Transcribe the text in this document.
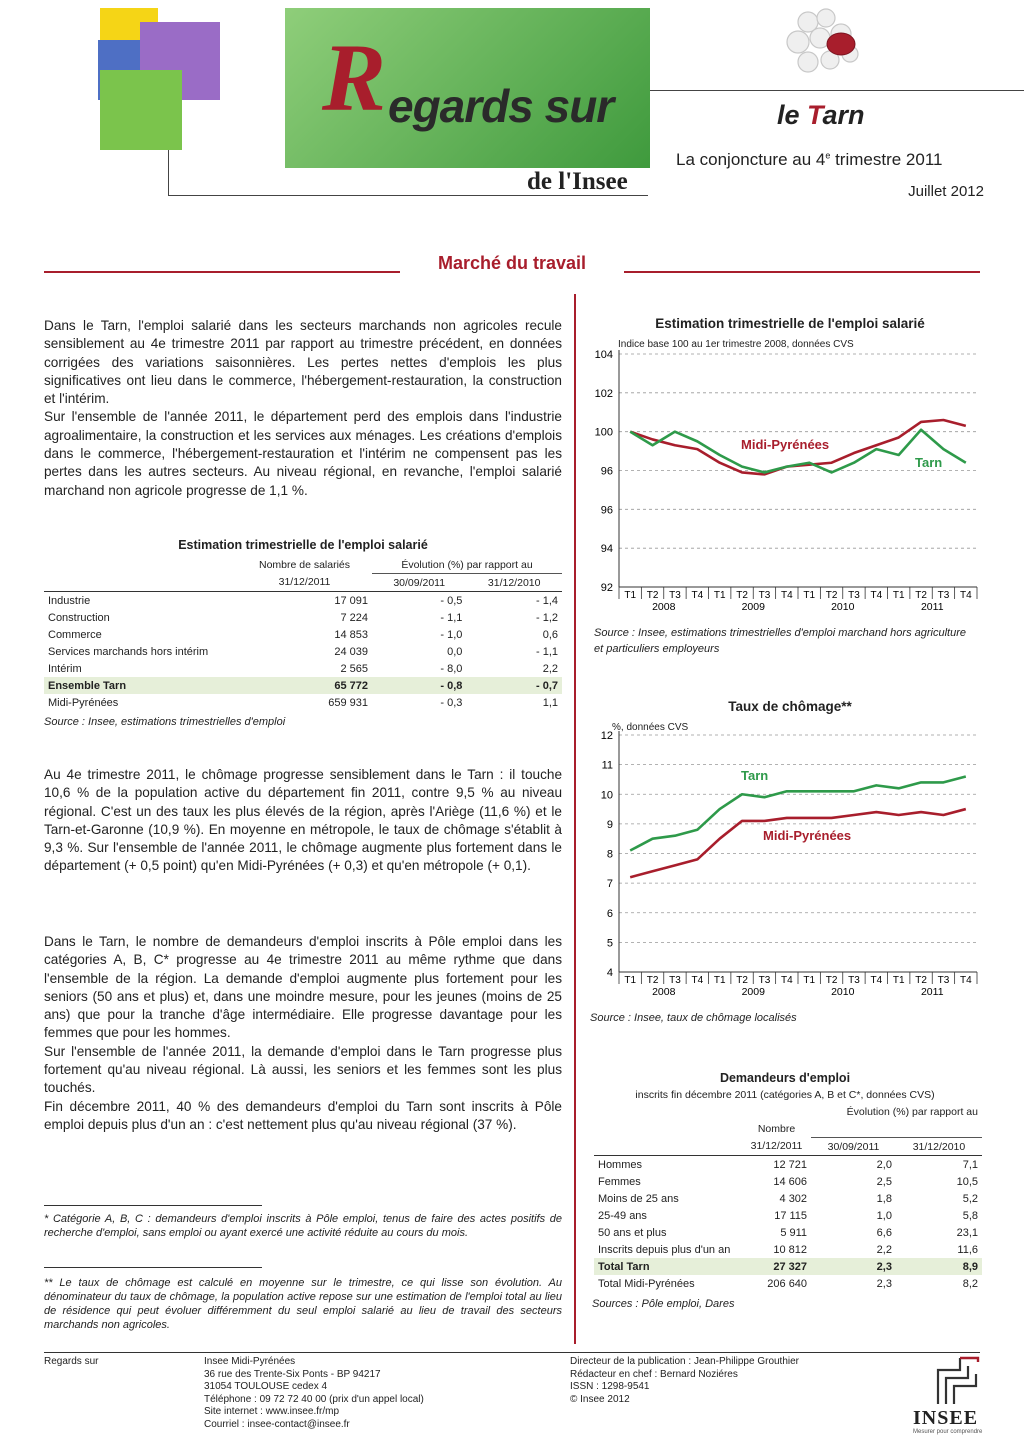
R egards sur
de l'Insee
le Tarn
La conjoncture au 4e trimestre 2011
Juillet 2012
Marché du travail

Dans le Tarn, l'emploi salarié dans les secteurs marchands non agricoles recule sensiblement au 4e trimestre 2011 par rapport au trimestre précédent, en données corrigées des variations saisonnières. Les pertes nettes d'emplois les plus significatives ont lieu dans le commerce, l'hébergement-restauration, la construction et l'intérim.

Sur l'ensemble de l'année 2011, le département perd des emplois dans l'industrie agroalimentaire, la construction et les services aux ménages. Les créations d'emplois dans le commerce, l'hébergement-restauration et l'intérim ne compensent pas les pertes dans les autres secteurs. Au niveau régional, en revanche, l'emploi salarié marchand non agricole progresse de 1,1 %.

Estimation trimestrielle de l'emploi salarié
	Nombre de salariés	Évolution (%) par rapport au	
	31/12/2011	30/09/2011	31/12/2010
Industrie	17 091	- 0,5	- 1,4
Construction	7 224	- 1,1	- 1,2
Commerce	14 853	- 1,0	0,6
Services marchands hors intérim	24 039	0,0	- 1,1
Intérim	2 565	- 8,0	2,2
Ensemble Tarn	65 772	- 0,8	- 0,7
Midi-Pyrénées	659 931	- 0,3	1,1
Source : Insee, estimations trimestrielles d'emploi

Au 4e trimestre 2011, le chômage progresse sensiblement dans le Tarn : il touche 10,6 % de la population active du département fin 2011, contre 9,5 % au niveau régional. C'est un des taux les plus élevés de la région, après l'Ariège (11,6 %) et le Tarn-et-Garonne (10,9 %). En moyenne en métropole, le taux de chômage s'établit à 9,3 %. Sur l'ensemble de l'année 2011, le chômage augmente plus fortement dans le département (+ 0,5 point) qu'en Midi-Pyrénées (+ 0,3) et qu'en métropole (+ 0,1).

Dans le Tarn, le nombre de demandeurs d'emploi inscrits à Pôle emploi dans les catégories A, B, C* progresse au 4e trimestre 2011 au même rythme que dans l'ensemble de la région. La demande d'emploi augmente plus fortement pour les seniors (50 ans et plus) et, dans une moindre mesure, pour les jeunes (moins de 25 ans) que pour la tranche d'âge intermédiaire. Elle progresse davantage pour les femmes que pour les hommes.

Sur l'ensemble de l'année 2011, la demande d'emploi dans le Tarn progresse plus fortement qu'au niveau régional. Là aussi, les seniors et les femmes sont les plus touchés.

Fin décembre 2011, 40 % des demandeurs d'emploi du Tarn sont inscrits à Pôle emploi depuis plus d'un an : c'est nettement plus qu'au niveau régional (37 %).

* Catégorie A, B, C : demandeurs d'emploi inscrits à Pôle emploi, tenus de faire des actes positifs de recherche d'emploi, sans emploi ou ayant exercé une activité réduite au cours du mois.
** Le taux de chômage est calculé en moyenne sur le trimestre, ce qui lisse son évolution. Au dénominateur du taux de chômage, la population active repose sur une estimation de l'emploi total au lieu de résidence qui peut évoluer différemment du seul emploi salarié au lieu de travail des secteurs marchands non agricoles.
Estimation trimestrielle de l'emploi salarié
Indice base 100 au 1er trimestre 2008, données CVS
92
94
96
96
100
102
104
T1 T2 T3 T4 T1 T2 T3 T4 T1 T2 T3 T4 T1 T2 T3 T4
2008	2009	2010	2011
Midi-Pyrénées
Tarn
Source : Insee, estimations trimestrielles d'emploi marchand hors agriculture et particuliers employeurs
Taux de chômage**
%, données CVS
4
5
6
7
8
9
10
11
12
T1 T2 T3 T4 T1 T2 T3 T4 T1 T2 T3 T4 T1 T2 T3 T4
2008	2009	2010	2011
Tarn
Midi-Pyrénées
Source : Insee, taux de chômage localisés
Demandeurs d'emploi
inscrits fin décembre 2011 (catégories A, B et C*, données CVS)
		Évolution (%) par rapport au	
	Nombre		
	31/12/2011	30/09/2011	31/12/2010
Hommes	12 721	2,0	7,1
Femmes	14 606	2,5	10,5
Moins de 25 ans	4 302	1,8	5,2
25-49 ans	17 115	1,0	5,8
50 ans et plus	5 911	6,6	23,1
Inscrits depuis plus d'un an	10 812	2,2	11,6
Total Tarn	27 327	2,3	8,9
Total Midi-Pyrénées	206 640	2,3	8,2
Sources : Pôle emploi, Dares
Regards sur	Insee Midi-Pyrénées
36 rue des Trente-Six Ponts - BP 94217
31054 TOULOUSE cedex 4
Téléphone : 09 72 72 40 00 (prix d'un appel local)
Site internet : www.insee.fr/mp
Courriel : insee-contact@insee.fr
Directeur de la publication : Jean-Philippe Grouthier
Rédacteur en chef : Bernard Noziéres
ISSN : 1298-9541
© Insee 2012
INSEE
Mesurer pour comprendre
